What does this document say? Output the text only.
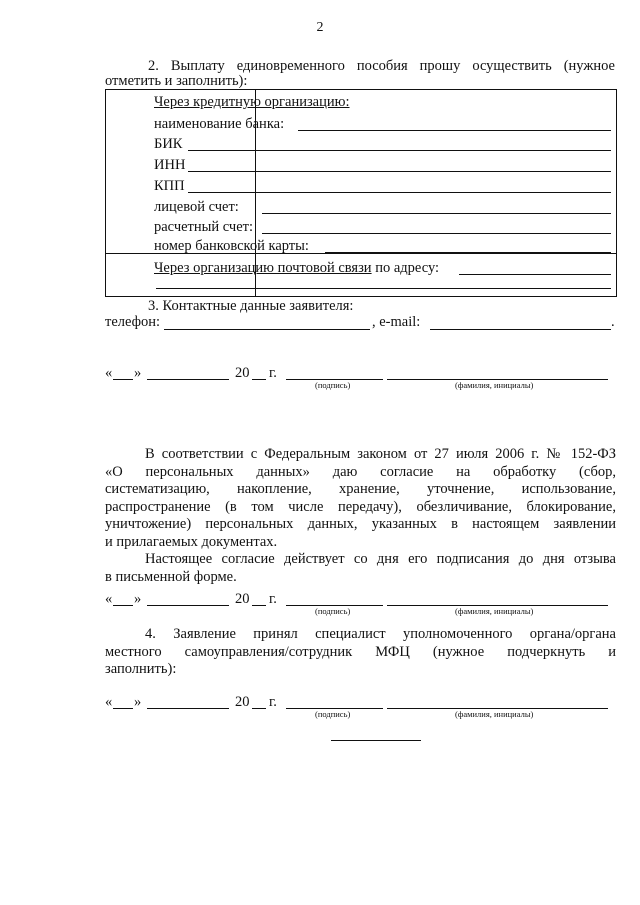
2
2. Выплату единовременного пособия прошу осуществить (нужное
отметить и заполнить):
Через кредитную организацию:
наименование банка:
БИК
ИНН
КПП
лицевой счет:
расчетный счет:
номер банковской карты:
Через организацию почтовой связи по адресу:
3. Контактные данные заявителя:
телефон:	, e-mail:	.
« »	20 г.
(подпись)	(фамилия, инициалы)
В соответствии с Федеральным законом от 27 июля 2006 г. № 152-ФЗ
«О персональных данных» даю согласие на обработку (сбор,
систематизацию, накопление, хранение, уточнение, использование,
распространение (в том числе передачу), обезличивание, блокирование,
уничтожение) персональных данных, указанных в настоящем заявлении
и прилагаемых документах.
Настоящее согласие действует со дня его подписания до дня отзыва
в письменной форме.
« »	20 г.
(подпись)	(фамилия, инициалы)
4. Заявление принял специалист уполномоченного органа/органа
местного самоуправления/сотрудник МФЦ (нужное подчеркнуть и
заполнить):
« »	20 г.
(подпись)	(фамилия, инициалы)
